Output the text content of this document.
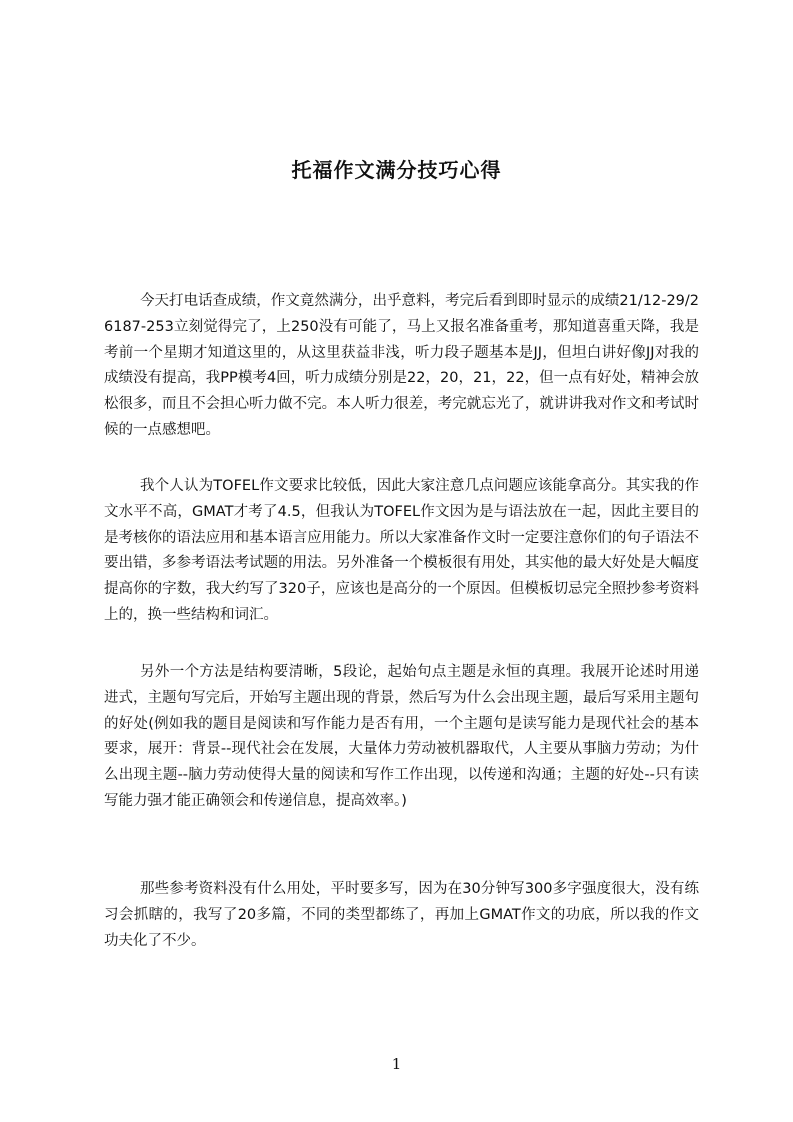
托福作文满分技巧心得

今天打电话查成绩，作文竟然满分，出乎意料，考完后看到即时显示的成绩21/12-29/26187-253立刻觉得完了，上250没有可能了，马上又报名准备重考，那知道喜重天降，我是考前一个星期才知道这里的，从这里获益非浅，听力段子题基本是JJ，但坦白讲好像JJ对我的成绩没有提高，我PP模考4回，听力成绩分别是22，20，21，22，但一点有好处，精神会放松很多，而且不会担心听力做不完。本人听力很差，考完就忘光了，就讲讲我对作文和考试时候的一点感想吧。

我个人认为TOFEL作文要求比较低，因此大家注意几点问题应该能拿高分。其实我的作文水平不高，GMAT才考了4.5，但我认为TOFEL作文因为是与语法放在一起，因此主要目的是考核你的语法应用和基本语言应用能力。所以大家准备作文时一定要注意你们的句子语法不要出错，多参考语法考试题的用法。另外准备一个模板很有用处，其实他的最大好处是大幅度提高你的字数，我大约写了320子，应该也是高分的一个原因。但模板切忌完全照抄参考资料上的，换一些结构和词汇。

另外一个方法是结构要清晰，5段论，起始句点主题是永恒的真理。我展开论述时用递进式，主题句写完后，开始写主题出现的背景，然后写为什么会出现主题，最后写采用主题句的好处(例如我的题目是阅读和写作能力是否有用，一个主题句是读写能力是现代社会的基本要求，展开：背景--现代社会在发展，大量体力劳动被机器取代，人主要从事脑力劳动；为什么出现主题--脑力劳动使得大量的阅读和写作工作出现，以传递和沟通；主题的好处--只有读写能力强才能正确领会和传递信息，提高效率。)

那些参考资料没有什么用处，平时要多写，因为在30分钟写300多字强度很大，没有练习会抓瞎的，我写了20多篇，不同的类型都练了，再加上GMAT作文的功底，所以我的作文功夫化了不少。

1
